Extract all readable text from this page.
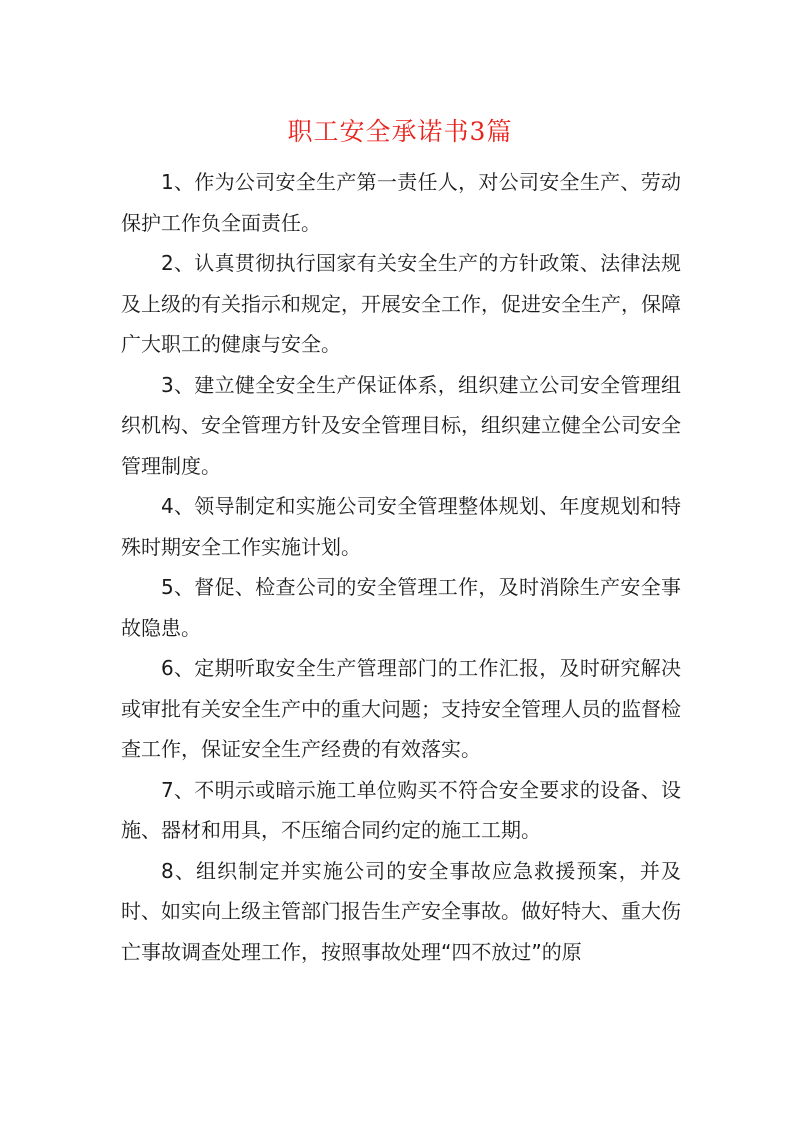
职工安全承诺书3篇

1、作为公司安全生产第一责任人，对公司安全生产、劳动保护工作负全面责任。

2、认真贯彻执行国家有关安全生产的方针政策、法律法规及上级的有关指示和规定，开展安全工作，促进安全生产，保障广大职工的健康与安全。

3、建立健全安全生产保证体系，组织建立公司安全管理组织机构、安全管理方针及安全管理目标，组织建立健全公司安全管理制度。

4、领导制定和实施公司安全管理整体规划、年度规划和特殊时期安全工作实施计划。

5、督促、检查公司的安全管理工作，及时消除生产安全事故隐患。

6、定期听取安全生产管理部门的工作汇报，及时研究解决或审批有关安全生产中的重大问题；支持安全管理人员的监督检查工作，保证安全生产经费的有效落实。

7、不明示或暗示施工单位购买不符合安全要求的设备、设施、器材和用具，不压缩合同约定的施工工期。

8、组织制定并实施公司的安全事故应急救援预案，并及时、如实向上级主管部门报告生产安全事故。做好特大、重大伤亡事故调查处理工作，按照事故处理“四不放过”的原
